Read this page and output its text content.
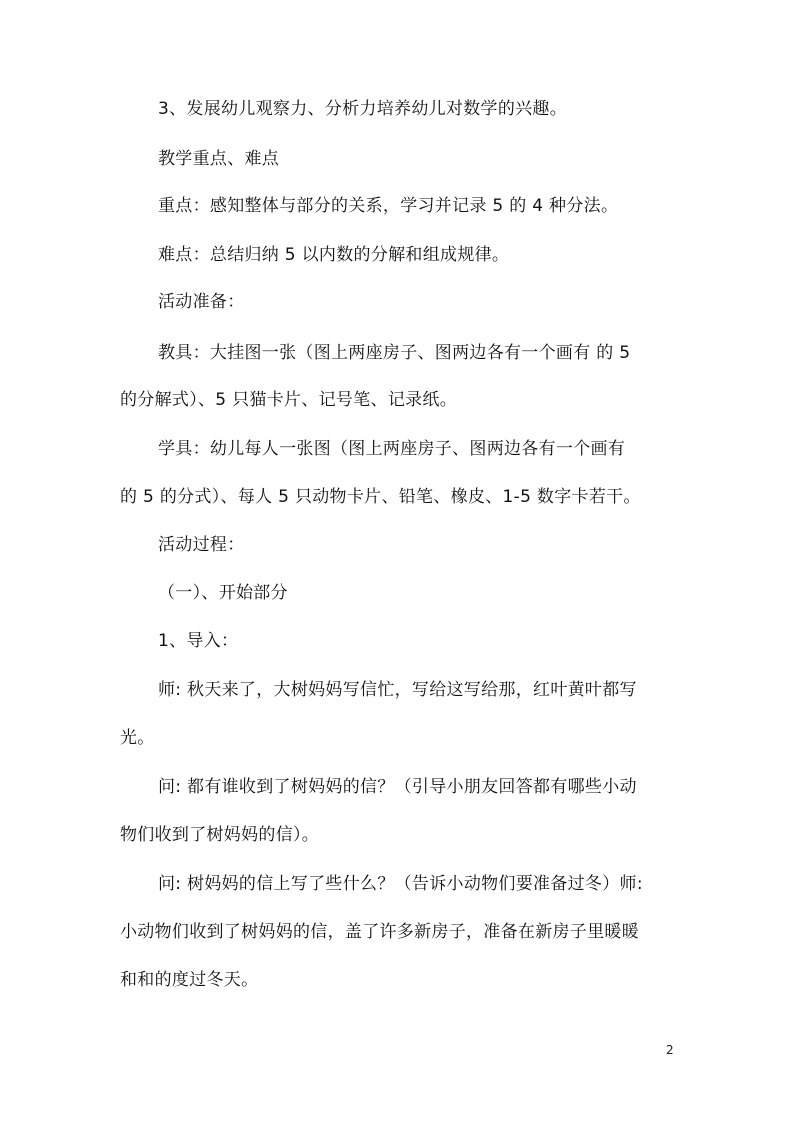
3、发展幼儿观察力、分析力培养幼儿对数学的兴趣。
教学重点、难点
重点：感知整体与部分的关系，学习并记录 5 的 4 种分法。
难点：总结归纳 5 以内数的分解和组成规律。
活动准备：
教具：大挂图一张（图上两座房子、图两边各有一个画有 的 5
的分解式）、5 只猫卡片、记号笔、记录纸。
学具：幼儿每人一张图（图上两座房子、图两边各有一个画有
的 5 的分式）、每人 5 只动物卡片、铅笔、橡皮、1-5 数字卡若干。
活动过程：
（一）、开始部分
1、导入：
师: 秋天来了，大树妈妈写信忙，写给这写给那，红叶黄叶都写
光。
问: 都有谁收到了树妈妈的信？（引导小朋友回答都有哪些小动
物们收到了树妈妈的信）。
问: 树妈妈的信上写了些什么？（告诉小动物们要准备过冬）师:
小动物们收到了树妈妈的信，盖了许多新房子，准备在新房子里暖暖
和和的度过冬天。
2
